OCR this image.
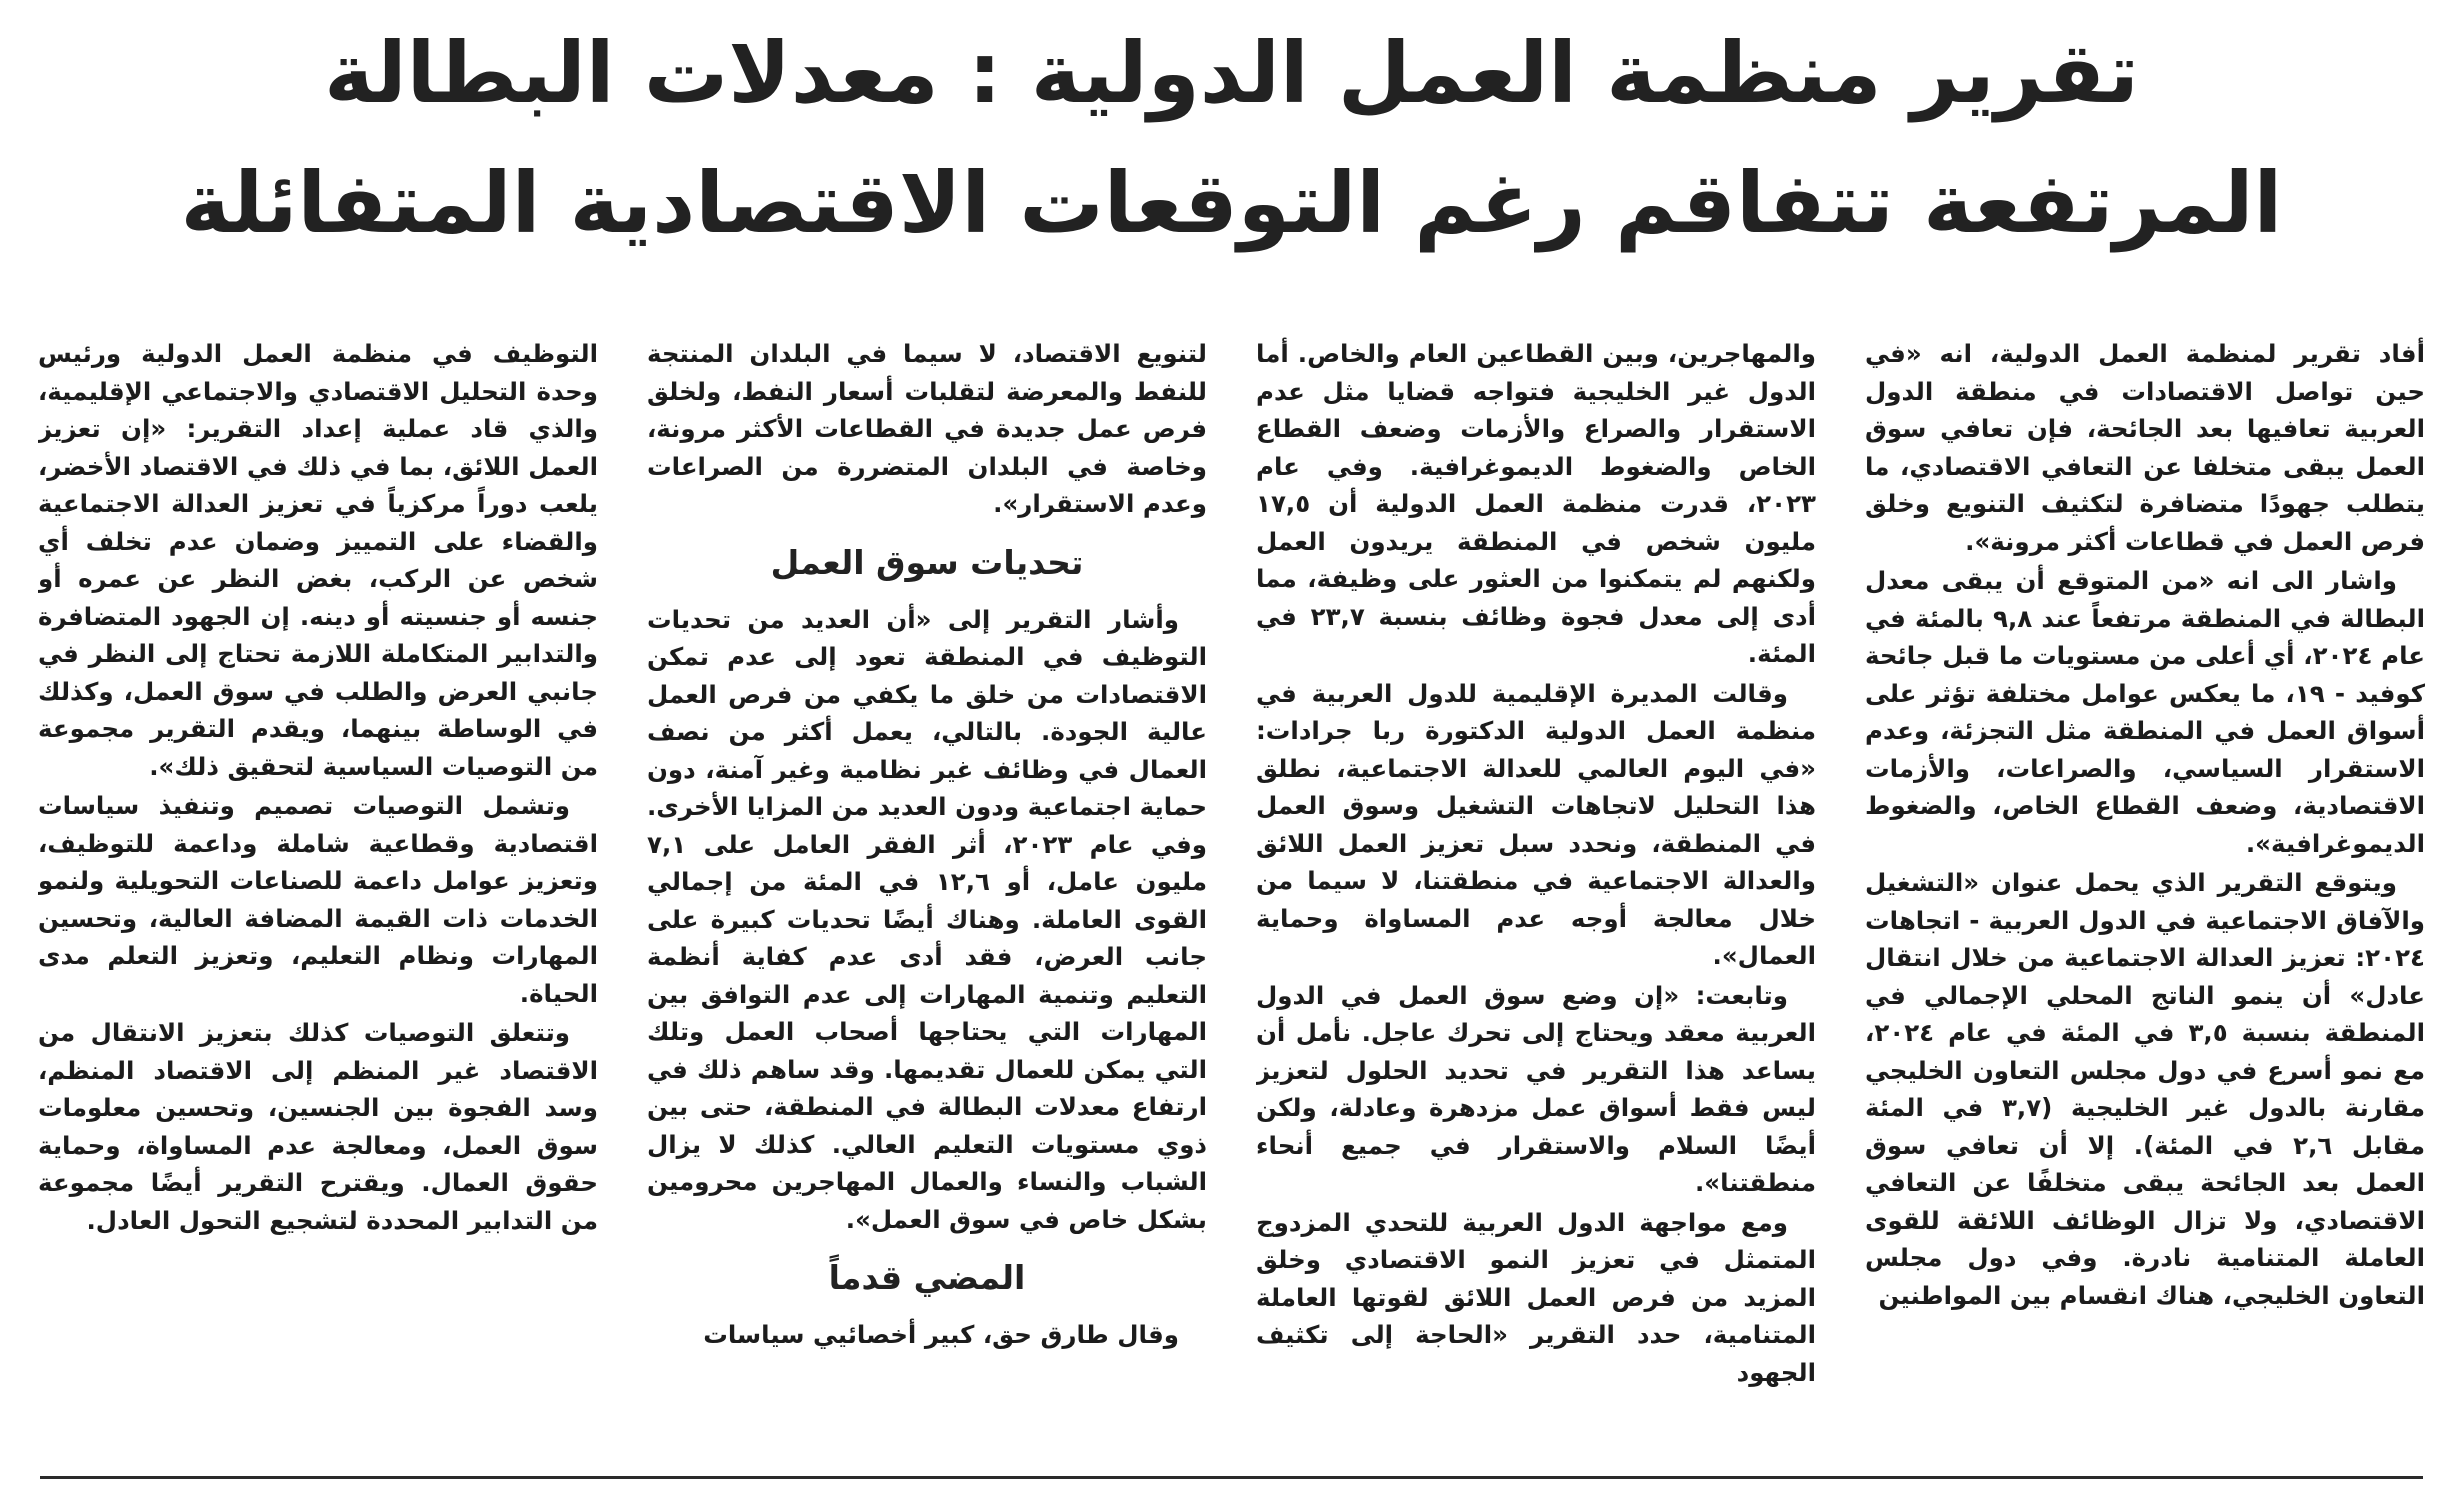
تقرير منظمة العمل الدولية : معدلات البطالة
المرتفعة تتفاقم رغم التوقعات الاقتصادية المتفائلة

أفاد تقرير لمنظمة العمل الدولية، انه «في حين تواصل الاقتصادات في منطقة الدول العربية تعافيها بعد الجائحة، فإن تعافي سوق العمل يبقى متخلفا عن التعافي الاقتصادي، ما يتطلب جهودًا متضافرة لتكثيف التنويع وخلق فرص العمل في قطاعات أكثر مرونة».

واشار الى انه «من المتوقع أن يبقى معدل البطالة في المنطقة مرتفعاً عند ٩,٨ بالمئة في عام ٢٠٢٤، أي أعلى من مستويات ما قبل جائحة كوفيد - ١٩، ما يعكس عوامل مختلفة تؤثر على أسواق العمل في المنطقة مثل التجزئة، وعدم الاستقرار السياسي، والصراعات، والأزمات الاقتصادية، وضعف القطاع الخاص، والضغوط الديموغرافية».

ويتوقع التقرير الذي يحمل عنوان «التشغيل والآفاق الاجتماعية في الدول العربية - اتجاهات ٢٠٢٤: تعزيز العدالة الاجتماعية من خلال انتقال عادل» أن ينمو الناتج المحلي الإجمالي في المنطقة بنسبة ٣,٥ في المئة في عام ٢٠٢٤، مع نمو أسرع في دول مجلس التعاون الخليجي مقارنة بالدول غير الخليجية (٣,٧ في المئة مقابل ٢,٦ في المئة). إلا أن تعافي سوق العمل بعد الجائحة يبقى متخلفًا عن التعافي الاقتصادي، ولا تزال الوظائف اللائقة للقوى العاملة المتنامية نادرة. وفي دول مجلس التعاون الخليجي، هناك انقسام بين المواطنين

والمهاجرين، وبين القطاعين العام والخاص. أما الدول غير الخليجية فتواجه قضايا مثل عدم الاستقرار والصراع والأزمات وضعف القطاع الخاص والضغوط الديموغرافية. وفي عام ٢٠٢٣، قدرت منظمة العمل الدولية أن ١٧,٥ مليون شخص في المنطقة يريدون العمل ولكنهم لم يتمكنوا من العثور على وظيفة، مما أدى إلى معدل فجوة وظائف بنسبة ٢٣,٧ في المئة.

وقالت المديرة الإقليمية للدول العربية في منظمة العمل الدولية الدكتورة ربا جرادات: «في اليوم العالمي للعدالة الاجتماعية، نطلق هذا التحليل لاتجاهات التشغيل وسوق العمل في المنطقة، ونحدد سبل تعزيز العمل اللائق والعدالة الاجتماعية في منطقتنا، لا سيما من خلال معالجة أوجه عدم المساواة وحماية العمال».

وتابعت: «إن وضع سوق العمل في الدول العربية معقد ويحتاج إلى تحرك عاجل. نأمل أن يساعد هذا التقرير في تحديد الحلول لتعزيز ليس فقط أسواق عمل مزدهرة وعادلة، ولكن أيضًا السلام والاستقرار في جميع أنحاء منطقتنا».

ومع مواجهة الدول العربية للتحدي المزدوج المتمثل في تعزيز النمو الاقتصادي وخلق المزيد من فرص العمل اللائق لقوتها العاملة المتنامية، حدد التقرير «الحاجة إلى تكثيف الجهود

لتنويع الاقتصاد، لا سيما في البلدان المنتجة للنفط والمعرضة لتقلبات أسعار النفط، ولخلق فرص عمل جديدة في القطاعات الأكثر مرونة، وخاصة في البلدان المتضررة من الصراعات وعدم الاستقرار».

تحديات سوق العمل

وأشار التقرير إلى «أن العديد من تحديات التوظيف في المنطقة تعود إلى عدم تمكن الاقتصادات من خلق ما يكفي من فرص العمل عالية الجودة. بالتالي، يعمل أكثر من نصف العمال في وظائف غير نظامية وغير آمنة، دون حماية اجتماعية ودون العديد من المزايا الأخرى. وفي عام ٢٠٢٣، أثر الفقر العامل على ٧,١ مليون عامل، أو ١٢,٦ في المئة من إجمالي القوى العاملة. وهناك أيضًا تحديات كبيرة على جانب العرض، فقد أدى عدم كفاية أنظمة التعليم وتنمية المهارات إلى عدم التوافق بين المهارات التي يحتاجها أصحاب العمل وتلك التي يمكن للعمال تقديمها. وقد ساهم ذلك في ارتفاع معدلات البطالة في المنطقة، حتى بين ذوي مستويات التعليم العالي. كذلك لا يزال الشباب والنساء والعمال المهاجرين محرومين بشكل خاص في سوق العمل».

المضي قدماً

وقال طارق حق، كبير أخصائيي سياسات

التوظيف في منظمة العمل الدولية ورئيس وحدة التحليل الاقتصادي والاجتماعي الإقليمية، والذي قاد عملية إعداد التقرير: «إن تعزيز العمل اللائق، بما في ذلك في الاقتصاد الأخضر، يلعب دوراً مركزياً في تعزيز العدالة الاجتماعية والقضاء على التمييز وضمان عدم تخلف أي شخص عن الركب، بغض النظر عن عمره أو جنسه أو جنسيته أو دينه. إن الجهود المتضافرة والتدابير المتكاملة اللازمة تحتاج إلى النظر في جانبي العرض والطلب في سوق العمل، وكذلك في الوساطة بينهما، ويقدم التقرير مجموعة من التوصيات السياسية لتحقيق ذلك».

وتشمل التوصيات تصميم وتنفيذ سياسات اقتصادية وقطاعية شاملة وداعمة للتوظيف، وتعزيز عوامل داعمة للصناعات التحويلية ولنمو الخدمات ذات القيمة المضافة العالية، وتحسين المهارات ونظام التعليم، وتعزيز التعلم مدى الحياة.

وتتعلق التوصيات كذلك بتعزيز الانتقال من الاقتصاد غير المنظم إلى الاقتصاد المنظم، وسد الفجوة بين الجنسين، وتحسين معلومات سوق العمل، ومعالجة عدم المساواة، وحماية حقوق العمال. ويقترح التقرير أيضًا مجموعة من التدابير المحددة لتشجيع التحول العادل.
